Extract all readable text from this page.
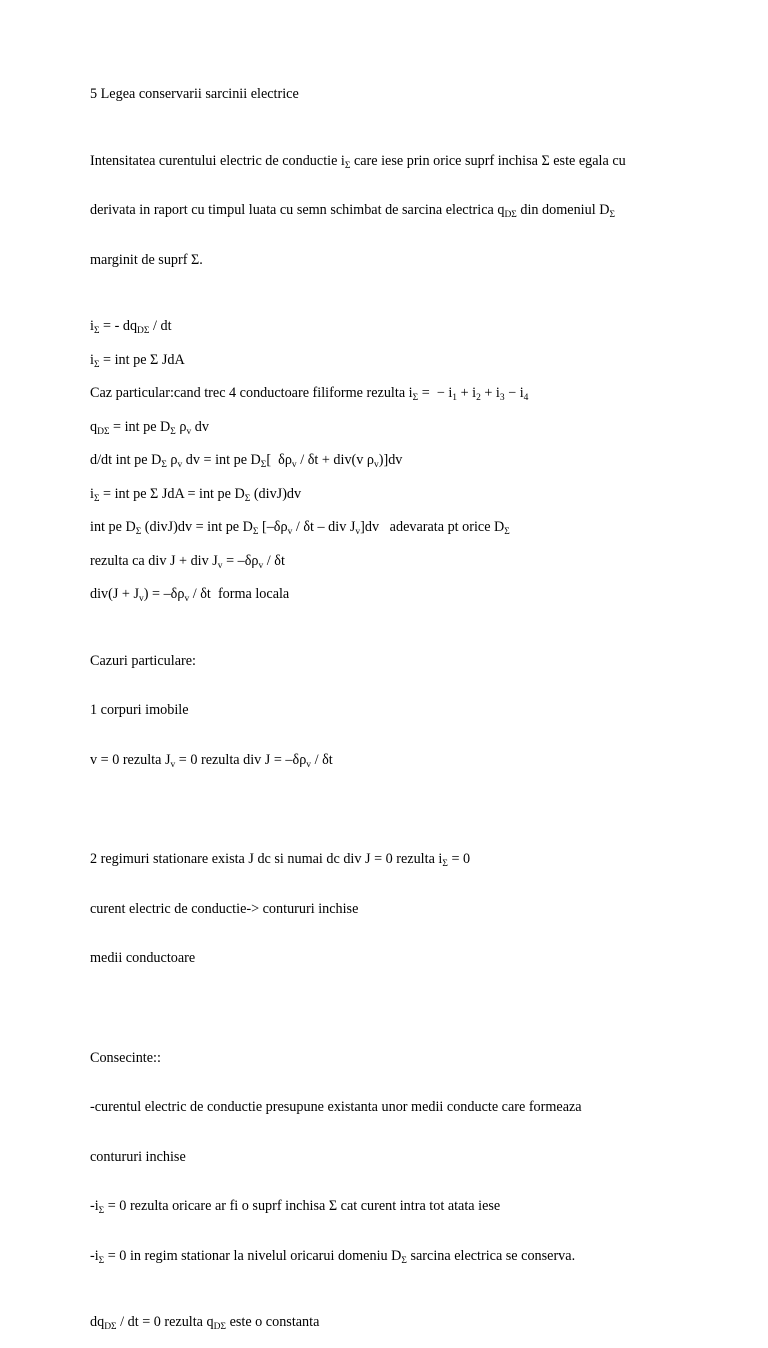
5 Legea conservarii sarcinii electrice

Intensitatea curentului electric de conductie $i_\Sigma$ care iese prin orice suprf inchisa Σ este egala cu

derivata in raport cu timpul luata cu semn schimbat de sarcina electrica $q_{D\Sigma}$ din domeniul $D_\Sigma$

marginit de suprf Σ.

$i_\Sigma$ = - $dq_{D\Sigma}$ / dt
$i_\Sigma$ = int pe Σ JdA
Caz particular:cand trec 4 conductoare filiforme rezulta $i_\Sigma$ =  − $i_1 + i_2 + i_3 - i_4$
$q_{D\Sigma}$ = int pe $D_\Sigma$ $\rho_v$ dv
d/dt int pe $D_\Sigma$ $\rho_v$ dv = int pe $D_\Sigma$[  $\delta\rho_v / \delta t + div(v$ $\rho_v)]dv$
$i_\Sigma$ = int pe Σ JdA = int pe $D_\Sigma$ (divJ)dv
int pe $D_\Sigma$ (divJ)dv = int pe $D_\Sigma$ [$-\delta\rho_v$ / δt – div $J_v]dv$   adevarata pt orice $D_\Sigma$
rezulta ca div J + div $J_v = -\delta\rho_v / \delta t$
$div(J + J_v) = -\delta\rho_v / \delta t$  forma locala

Cazuri particulare:

1 corpuri imobile

v = 0 rezulta $J_v = 0$ rezulta div $J = -\delta\rho_v / \delta t$

2 regimuri stationare exista J dc si numai dc div J = 0 rezulta $i_\Sigma = 0$

curent electric de conductie-> contururi inchise

medii conductoare

Consecinte::

-curentul electric de conductie presupune existanta unor medii conducte care formeaza

contururi inchise

$-i_\Sigma = 0$ rezulta oricare ar fi o suprf inchisa Σ cat curent intra tot atata iese

$-i_\Sigma = 0$ in regim stationar la nivelul oricarui domeniu $D_\Sigma$ sarcina electrica se conserva.

$dq_{D\Sigma}$ / dt = 0 rezulta $q_{D\Sigma}$ este o constanta
